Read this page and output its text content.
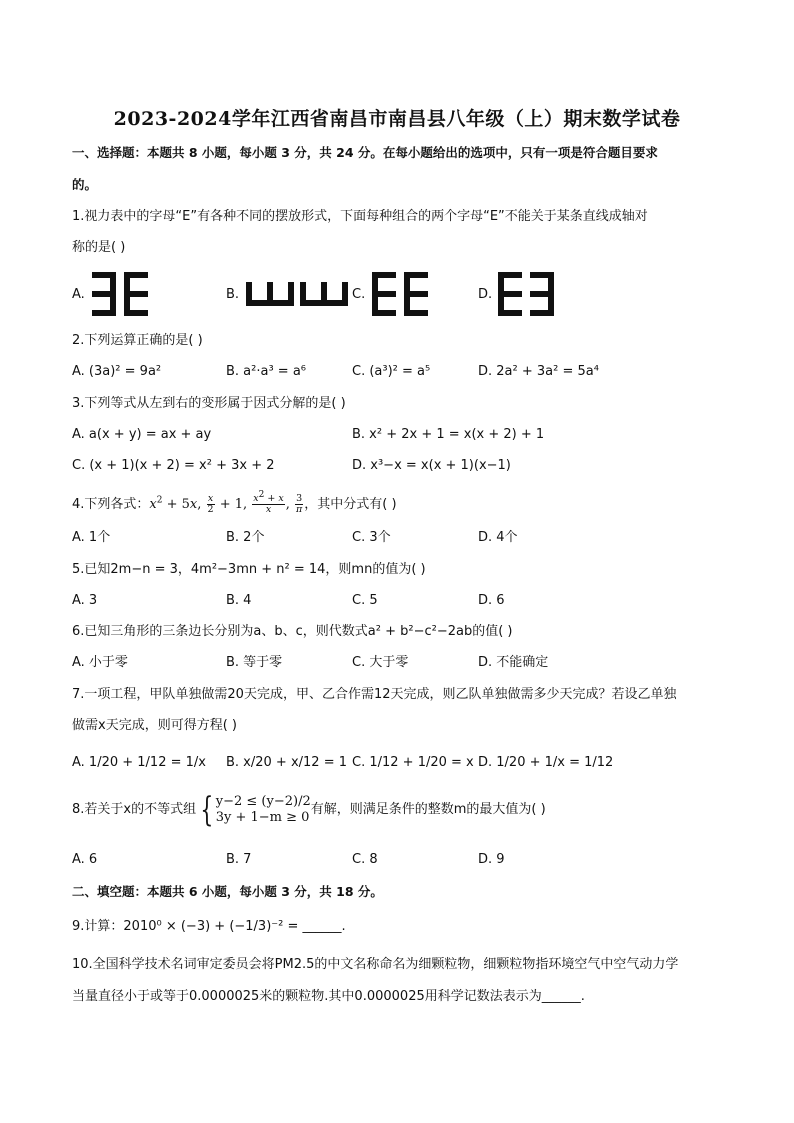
2023-2024学年江西省南昌市南昌县八年级（上）期末数学试卷
一、选择题：本题共 8 小题，每小题 3 分，共 24 分。在每小题给出的选项中，只有一项是符合题目要求
的。
1.视力表中的字母“E”有各种不同的摆放形式，下面每种组合的两个字母“E”不能关于某条直线成轴对
称的是( )
A.	B.	C.	D.
2.下列运算正确的是( )
A. (3a)² = 9a²	B. a²·a³ = a⁶	C. (a³)² = a⁵	D. 2a² + 3a² = 5a⁴
3.下列等式从左到右的变形属于因式分解的是( )
A. a(x + y) = ax + ay	B. x² + 2x + 1 = x(x + 2) + 1
C. (x + 1)(x + 2) = x² + 3x + 2	D. x³−x = x(x + 1)(x−1)
4.下列各式：$x^2 + 5x$, $\frac{x}{2} + 1$, $\frac{x^2 + x}{x}$ , $\frac{3}{\pi}$ ，其中分式有( )
A. 1个	B. 2个	C. 3个	D. 4个
5.已知2m−n = 3，4m²−3mn + n² = 14，则mn的值为( )
A. 3	B. 4	C. 5	D. 6
6.已知三角形的三条边长分别为a、b、c，则代数式a² + b²−c²−2ab的值( )
A. 小于零	B. 等于零	C. 大于零	D. 不能确定
7.一项工程，甲队单独做需20天完成，甲、乙合作需12天完成，则乙队单独做需多少天完成？若设乙单独
做需x天完成，则可得方程( )
A. 1/20 + 1/12 = 1/x B. x/20 + x/12 = 1 C. 1/12 + 1/20 = x D. 1/20 + 1/x = 1/12
8.若关于x的不等式组 { y−2 ≤ (y−2)/2
3y + 1−m ≥ 0 有解，则满足条件的整数m的最大值为( )
A. 6	B. 7	C. 8	D. 9
二、填空题：本题共 6 小题，每小题 3 分，共 18 分。
9.计算：2010⁰ × (−3) + (−1/3)⁻² = ______.
10.全国科学技术名词审定委员会将PM2.5的中文名称命名为细颗粒物，细颗粒物指环境空气中空气动力学
当量直径小于或等于0.0000025米的颗粒物.其中0.0000025用科学记数法表示为______.
